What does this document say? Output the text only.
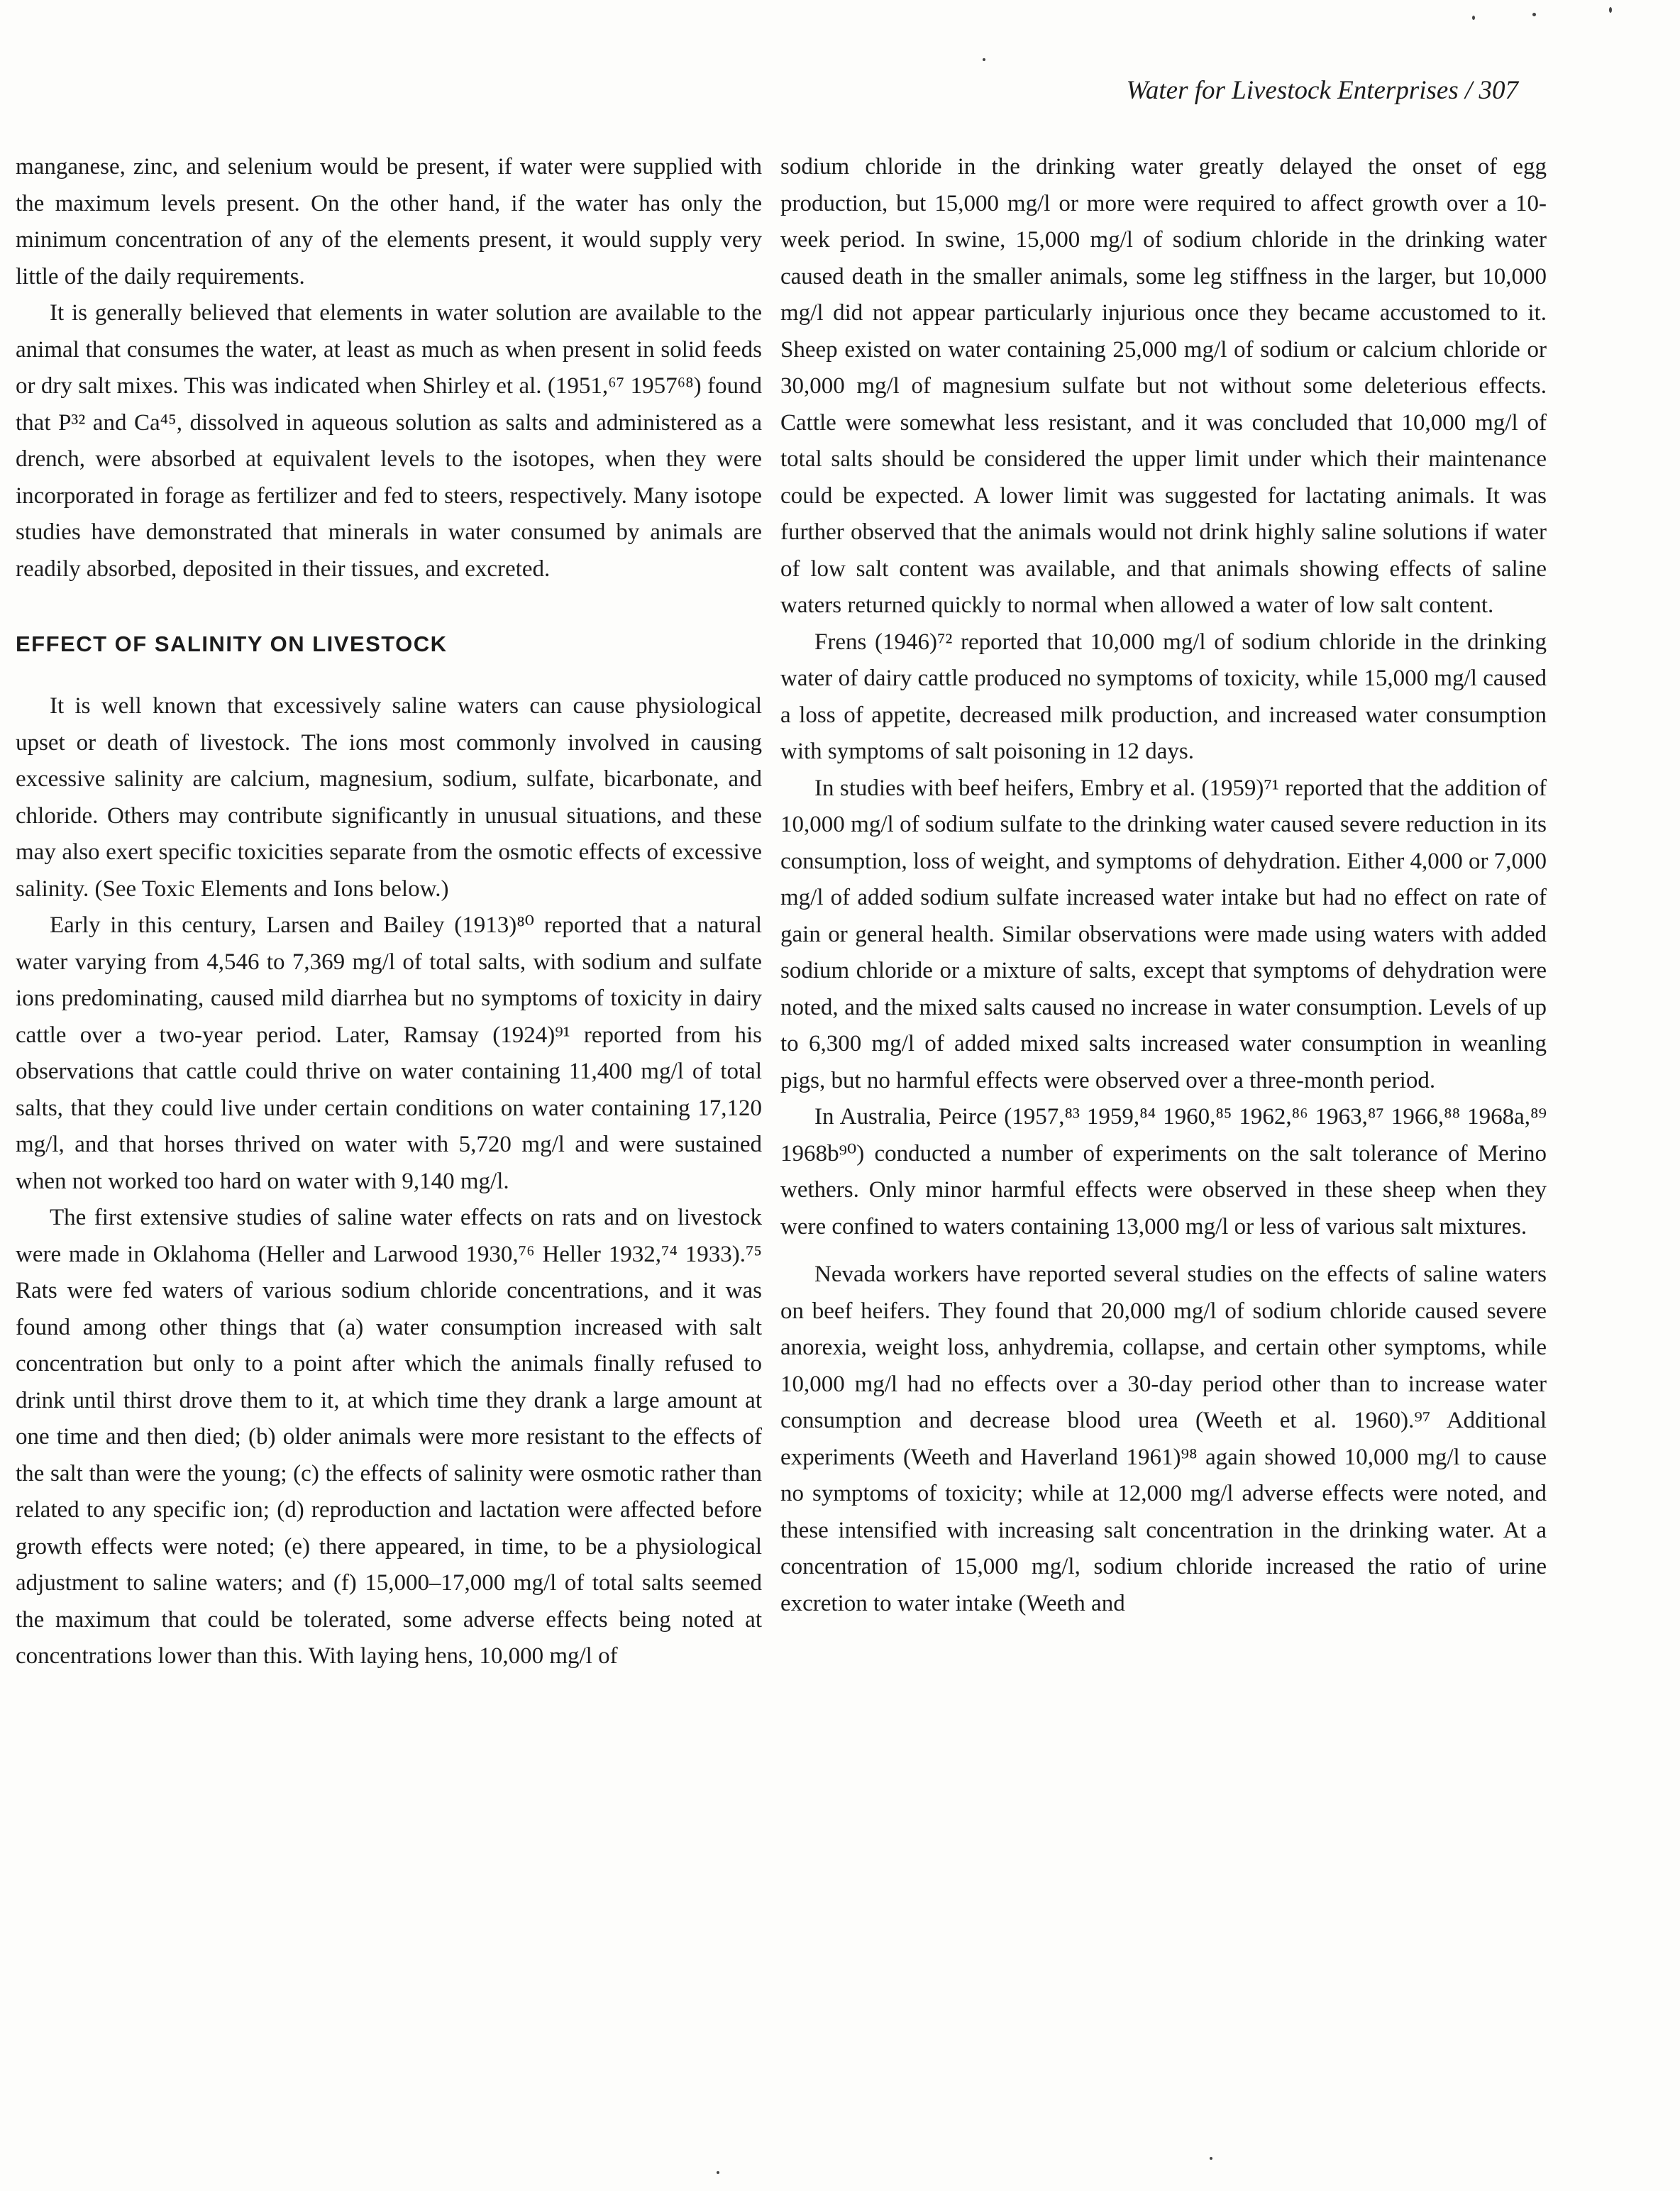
Water for Livestock Enterprises / 307

manganese, zinc, and selenium would be present, if water were supplied with the maximum levels present. On the other hand, if the water has only the minimum concentration of any of the elements present, it would supply very little of the daily requirements.

It is generally believed that elements in water solution are available to the animal that consumes the water, at least as much as when present in solid feeds or dry salt mixes. This was indicated when Shirley et al. (1951,⁶⁷ 1957⁶⁸) found that P³² and Ca⁴⁵, dissolved in aqueous solution as salts and administered as a drench, were absorbed at equivalent levels to the isotopes, when they were incorporated in forage as fertilizer and fed to steers, respectively. Many isotope studies have demonstrated that minerals in water consumed by animals are readily absorbed, deposited in their tissues, and excreted.

EFFECT OF SALINITY ON LIVESTOCK

It is well known that excessively saline waters can cause physiological upset or death of livestock. The ions most commonly involved in causing excessive salinity are calcium, magnesium, sodium, sulfate, bicarbonate, and chloride. Others may contribute significantly in unusual situations, and these may also exert specific toxicities separate from the osmotic effects of excessive salinity. (See Toxic Elements and Ions below.)

Early in this century, Larsen and Bailey (1913)⁸⁰ reported that a natural water varying from 4,546 to 7,369 mg/l of total salts, with sodium and sulfate ions predominating, caused mild diarrhea but no symptoms of toxicity in dairy cattle over a two-year period. Later, Ramsay (1924)⁹¹ reported from his observations that cattle could thrive on water containing 11,400 mg/l of total salts, that they could live under certain conditions on water containing 17,120 mg/l, and that horses thrived on water with 5,720 mg/l and were sustained when not worked too hard on water with 9,140 mg/l.

The first extensive studies of saline water effects on rats and on livestock were made in Oklahoma (Heller and Larwood 1930,⁷⁶ Heller 1932,⁷⁴ 1933).⁷⁵ Rats were fed waters of various sodium chloride concentrations, and it was found among other things that (a) water consumption increased with salt concentration but only to a point after which the animals finally refused to drink until thirst drove them to it, at which time they drank a large amount at one time and then died; (b) older animals were more resistant to the effects of the salt than were the young; (c) the effects of salinity were osmotic rather than related to any specific ion; (d) reproduction and lactation were affected before growth effects were noted; (e) there appeared, in time, to be a physiological adjustment to saline waters; and (f) 15,000–17,000 mg/l of total salts seemed the maximum that could be tolerated, some adverse effects being noted at concentrations lower than this. With laying hens, 10,000 mg/l of

sodium chloride in the drinking water greatly delayed the onset of egg production, but 15,000 mg/l or more were required to affect growth over a 10-week period. In swine, 15,000 mg/l of sodium chloride in the drinking water caused death in the smaller animals, some leg stiffness in the larger, but 10,000 mg/l did not appear particularly injurious once they became accustomed to it. Sheep existed on water containing 25,000 mg/l of sodium or calcium chloride or 30,000 mg/l of magnesium sulfate but not without some deleterious effects. Cattle were somewhat less resistant, and it was concluded that 10,000 mg/l of total salts should be considered the upper limit under which their maintenance could be expected. A lower limit was suggested for lactating animals. It was further observed that the animals would not drink highly saline solutions if water of low salt content was available, and that animals showing effects of saline waters returned quickly to normal when allowed a water of low salt content.

Frens (1946)⁷² reported that 10,000 mg/l of sodium chloride in the drinking water of dairy cattle produced no symptoms of toxicity, while 15,000 mg/l caused a loss of appetite, decreased milk production, and increased water consumption with symptoms of salt poisoning in 12 days.

In studies with beef heifers, Embry et al. (1959)⁷¹ reported that the addition of 10,000 mg/l of sodium sulfate to the drinking water caused severe reduction in its consumption, loss of weight, and symptoms of dehydration. Either 4,000 or 7,000 mg/l of added sodium sulfate increased water intake but had no effect on rate of gain or general health. Similar observations were made using waters with added sodium chloride or a mixture of salts, except that symptoms of dehydration were noted, and the mixed salts caused no increase in water consumption. Levels of up to 6,300 mg/l of added mixed salts increased water consumption in weanling pigs, but no harmful effects were observed over a three-month period.

In Australia, Peirce (1957,⁸³ 1959,⁸⁴ 1960,⁸⁵ 1962,⁸⁶ 1963,⁸⁷ 1966,⁸⁸ 1968a,⁸⁹ 1968b⁹⁰) conducted a number of experiments on the salt tolerance of Merino wethers. Only minor harmful effects were observed in these sheep when they were confined to waters containing 13,000 mg/l or less of various salt mixtures.

Nevada workers have reported several studies on the effects of saline waters on beef heifers. They found that 20,000 mg/l of sodium chloride caused severe anorexia, weight loss, anhydremia, collapse, and certain other symptoms, while 10,000 mg/l had no effects over a 30-day period other than to increase water consumption and decrease blood urea (Weeth et al. 1960).⁹⁷ Additional experiments (Weeth and Haverland 1961)⁹⁸ again showed 10,000 mg/l to cause no symptoms of toxicity; while at 12,000 mg/l adverse effects were noted, and these intensified with increasing salt concentration in the drinking water. At a concentration of 15,000 mg/l, sodium chloride increased the ratio of urine excretion to water intake (Weeth and
